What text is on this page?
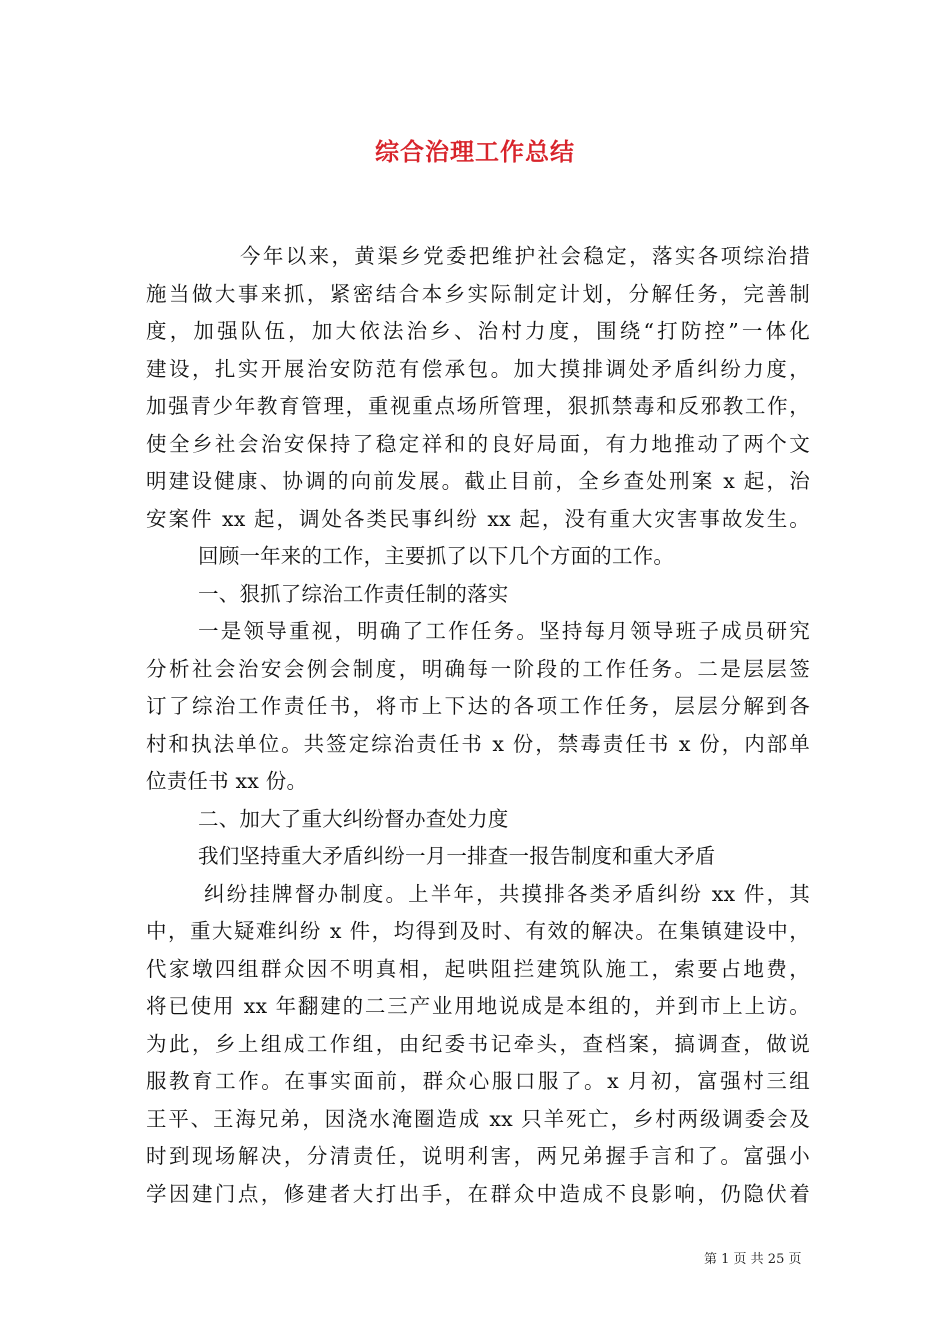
综合治理工作总结
今年以来，黄渠乡党委把维护社会稳定，落实各项综治措
施当做大事来抓，紧密结合本乡实际制定计划，分解任务，完善制
度，加强队伍，加大依法治乡、治村力度，围绕“打防控”一体化
建设，扎实开展治安防范有偿承包。加大摸排调处矛盾纠纷力度，
加强青少年教育管理，重视重点场所管理，狠抓禁毒和反邪教工作，
使全乡社会治安保持了稳定祥和的良好局面，有力地推动了两个文
明建设健康、协调的向前发展。截止目前，全乡查处刑案 x 起，治
安案件 xx 起，调处各类民事纠纷 xx 起，没有重大灾害事故发生。
回顾一年来的工作，主要抓了以下几个方面的工作。
一、狠抓了综治工作责任制的落实
一是领导重视，明确了工作任务。坚持每月领导班子成员研究
分析社会治安会例会制度，明确每一阶段的工作任务。二是层层签
订了综治工作责任书，将市上下达的各项工作任务，层层分解到各
村和执法单位。共签定综治责任书 x 份，禁毒责任书 x 份，内部单
位责任书 xx 份。
二、加大了重大纠纷督办查处力度
我们坚持重大矛盾纠纷一月一排查一报告制度和重大矛盾
纠纷挂牌督办制度。上半年，共摸排各类矛盾纠纷 xx 件，其
中，重大疑难纠纷 x 件，均得到及时、有效的解决。在集镇建设中，
代家墩四组群众因不明真相，起哄阻拦建筑队施工，索要占地费，
将已使用 xx 年翻建的二三产业用地说成是本组的，并到市上上访。
为此，乡上组成工作组，由纪委书记牵头，查档案，搞调查，做说
服教育工作。在事实面前，群众心服口服了。x 月初，富强村三组
王平、王海兄弟，因浇水淹圈造成 xx 只羊死亡，乡村两级调委会及
时到现场解决，分清责任，说明利害，两兄弟握手言和了。富强小
学因建门点，修建者大打出手，在群众中造成不良影响，仍隐伏着
第 1 页 共 25 页
